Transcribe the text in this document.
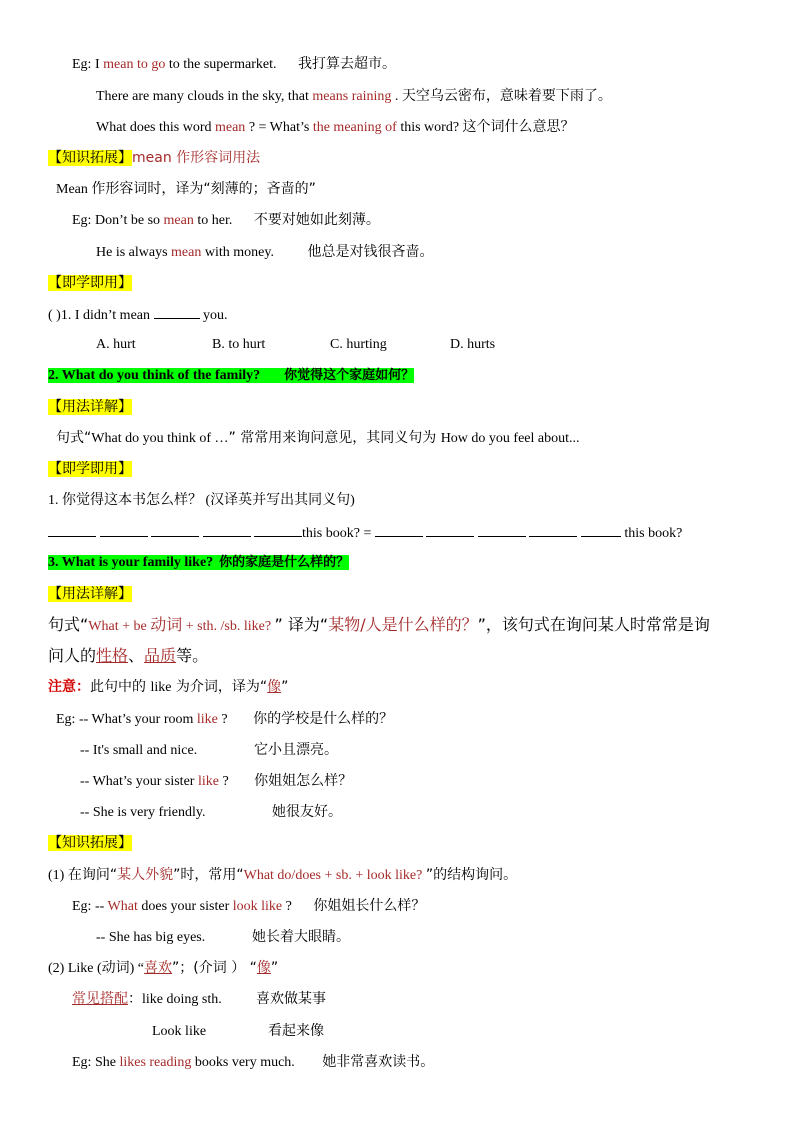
Eg: I mean to go to the supermarket. 我打算去超市。
There are many clouds in the sky, that means raining . 天空乌云密布，意味着要下雨了。
What does this word mean ? = What’s the meaning of this word? 这个词什么意思？
【知识拓展】mean 作形容词用法
Mean 作形容词时，译为“刻薄的；吝啬的”
Eg: Don’t be so mean to her. 不要对她如此刻薄。
He is always mean with money. 他总是对钱很吝啬。
【即学即用】
( )1. I didn’t mean	you.
A. hurt	B. to hurt	C. hurting	D. hurts
2. What do you think of the family? 你觉得这个家庭如何？
【用法详解】
句式“What do you think of …” 常常用来询问意见，其同义句为 How do you feel about...
【即学即用】
1. 你觉得这本书怎么样？ (汉译英并写出其同义句)
this book? =	this book?
3. What is your family like? 你的家庭是什么样的？
【用法详解】
句式“What + be 动词 + sth. /sb. like? ” 译为“某物/人是什么样的？”，该句式在询问某人时常常是询
问人的性格、品质等。
注意：此句中的 like 为介词，译为“像”
Eg: -- What’s your room like ? 你的学校是什么样的？
-- It's small and nice.	它小且漂亮。
-- What’s your sister like ? 你姐姐怎么样？
-- She is very friendly.	她很友好。
【知识拓展】
(1) 在询问“某人外貌”时，常用“What do/does + sb. + look like? ”的结构询问。
Eg: -- What does your sister look like ? 你姐姐长什么样？
-- She has big eyes.	她长着大眼睛。
(2) Like (动词) “喜欢”；(介词 ） “像”
常见搭配：like doing sth. 喜欢做某事
Look like	看起来像
Eg: She likes reading books very much. 她非常喜欢读书。
